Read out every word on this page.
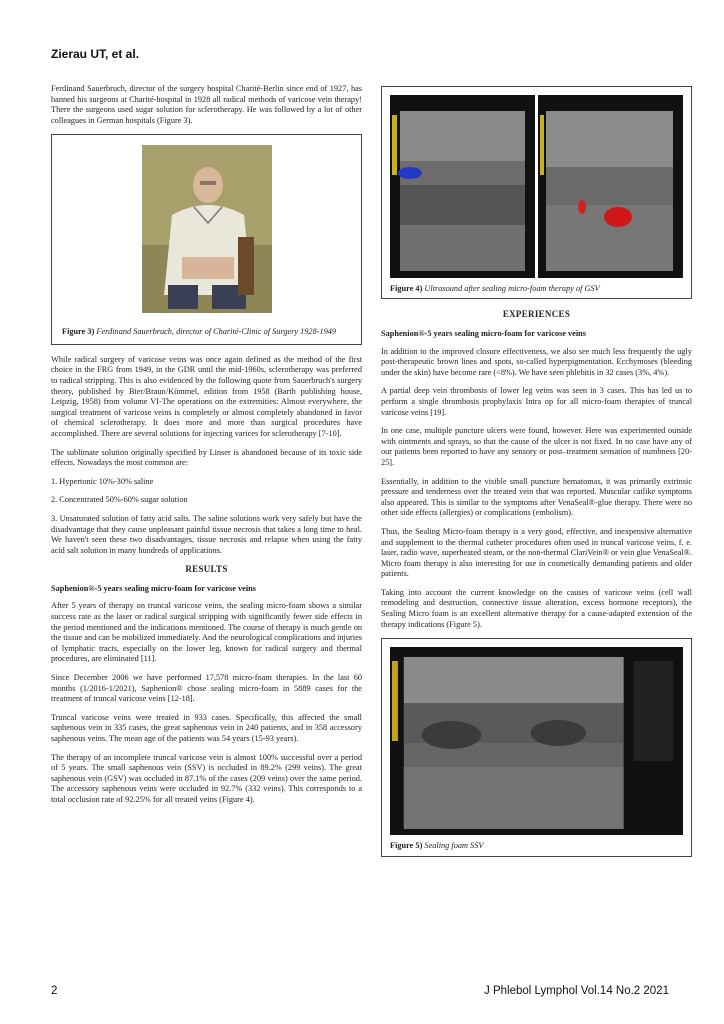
Zierau UT, et al.

Ferdinand Sauerbruch, director of the surgery hospital Charité-Berlin since end of 1927, has banned his surgeons at Charité-hospital in 1928 all radical methods of varicose vein therapy! There the surgeons used sugar solution for sclerotherapy. He was followed by a lot of other colleagues in German hospitals (Figure 3).

Figure 3) Ferdinand Sauerbruch, director of Charité-Clinic of Surgery 1928-1949

While radical surgery of varicose veins was once again defined as the method of the first choice in the FRG from 1949, in the GDR until the mid-1960s, sclerotherapy was preferred to radical stripping. This is also evidenced by the following quote from Sauerbruch's surgery theory, published by Bier/Braun/Kümmel, edition from 1958 (Barth publishing house, Leipzig, 1958) from volume VI-The operations on the extremities: Almost everywhere, the surgical treatment of varicose veins is completely or almost completely abandoned in favor of chemical sclerotherapy. It does more and more than surgical procedures have accomplished. There are several solutions for injecting varices for sclerotherapy [7-10].

The sublimate solution originally specified by Linser is abandoned because of its toxic side effects. Nowadays the most common are:

1. Hypertonic 10%-30% saline

2. Concentrated 50%-60% sugar solution

3. Unsaturated solution of fatty acid salts. The saline solutions work very safely but have the disadvantage that they cause unpleasant painful tissue necrosis that takes a long time to heal. We haven't seen these two disadvantages, tissue necrosis and relapse when using the fatty acid salt solution in many hundreds of applications.

RESULTS
Saphenion®-5 years sealing micro-foam for varicose veins

After 5 years of therapy on truncal varicose veins, the sealing micro-foam shows a similar success rate as the laser or radical surgical stripping with significantly fewer side effects in the period mentioned and the indications mentioned. The course of therapy is much gentle on the tissue and can be mobilized immediately. And the neurological complications and injuries of lymphatic tracts, especially on the lower leg, known for radical surgery and thermal procedures, are eliminated [11].

Since December 2006 we have performed 17,578 micro-foam therapies. In the last 60 months (1/2016-1/2021), Saphenion® chose sealing micro-foam in 5889 cases for the treatment of truncal varicose veins [12-18].

Truncal varicose veins were treated in 933 cases. Specifically, this affected the small saphenous vein in 335 cases, the great saphenous vein in 240 patients, and in 358 accessory saphenous veins. The mean age of the patients was 54 years (15-93 years).

The therapy of an incomplete truncal varicose vein is almost 100% successful over a period of 5 years. The small saphenous vein (SSV) is occluded in 89.2% (299 veins). The great saphenous vein (GSV) was occluded in 87.1% of the cases (209 veins) over the same period. The accessory saphenous veins were occluded in 92.7% (332 veins). This corresponds to a total occlusion rate of 92.25% for all treated veins (Figure 4).

Figure 4) Ultrasound after sealing micro-foam therapy of GSV
EXPERIENCES
Saphenion®-5 years sealing micro-foam for varicose veins

In addition to the improved closure effectiveness, we also see much less frequently the ugly post-therapeutic brown lines and spots, so-called hyperpigmentation. Ecchymoses (bleeding under the skin) have become rare (<8%). We have seen phlebitis in 32 cases (3%, 4%).

A partial deep vein thrombosis of lower leg veins was seen in 3 cases. This has led us to perform a single thrombosis prophylaxis Intra op for all micro-foam therapies of truncal varicose veins [19].

In one case, multiple puncture ulcers were found, however. Here was experimented outside with ointments and sprays, so that the cause of the ulcer is not fixed. In no case have any of our patients been reported to have any sensory or post–treatment sensation of numbness [20-25].

Essentially, in addition to the visible small puncture hematomas, it was primarily extrinsic pressure and tenderness over the treated vein that was reported. Muscular catlike symptoms also appeared. This is similar to the symptoms after VenaSeal®-glue therapy. There were no other side effects (allergies) or complications (embolism).

Thus, the Sealing Micro-foam therapy is a very good, effective, and inexpensive alternative and supplement to the thermal catheter procedures often used in truncal varicose veins, f. e. laser, radio wave, superheated steam, or the non-thermal ClariVein® or vein glue VenaSeal®. Micro foam therapy is also interesting for use in cosmetically demanding patients and older patients.

Taking into account the current knowledge on the causes of varicose veins (cell wall remodeling and destruction, connective tissue alteration, excess hormone receptors), the Sealing Micro foam is an excellent alternative therapy for a cause-adapted extension of the therapy indications (Figure 5).

Figure 5) Sealing foam SSV
2	J Phlebol Lymphol Vol.14 No.2 2021
